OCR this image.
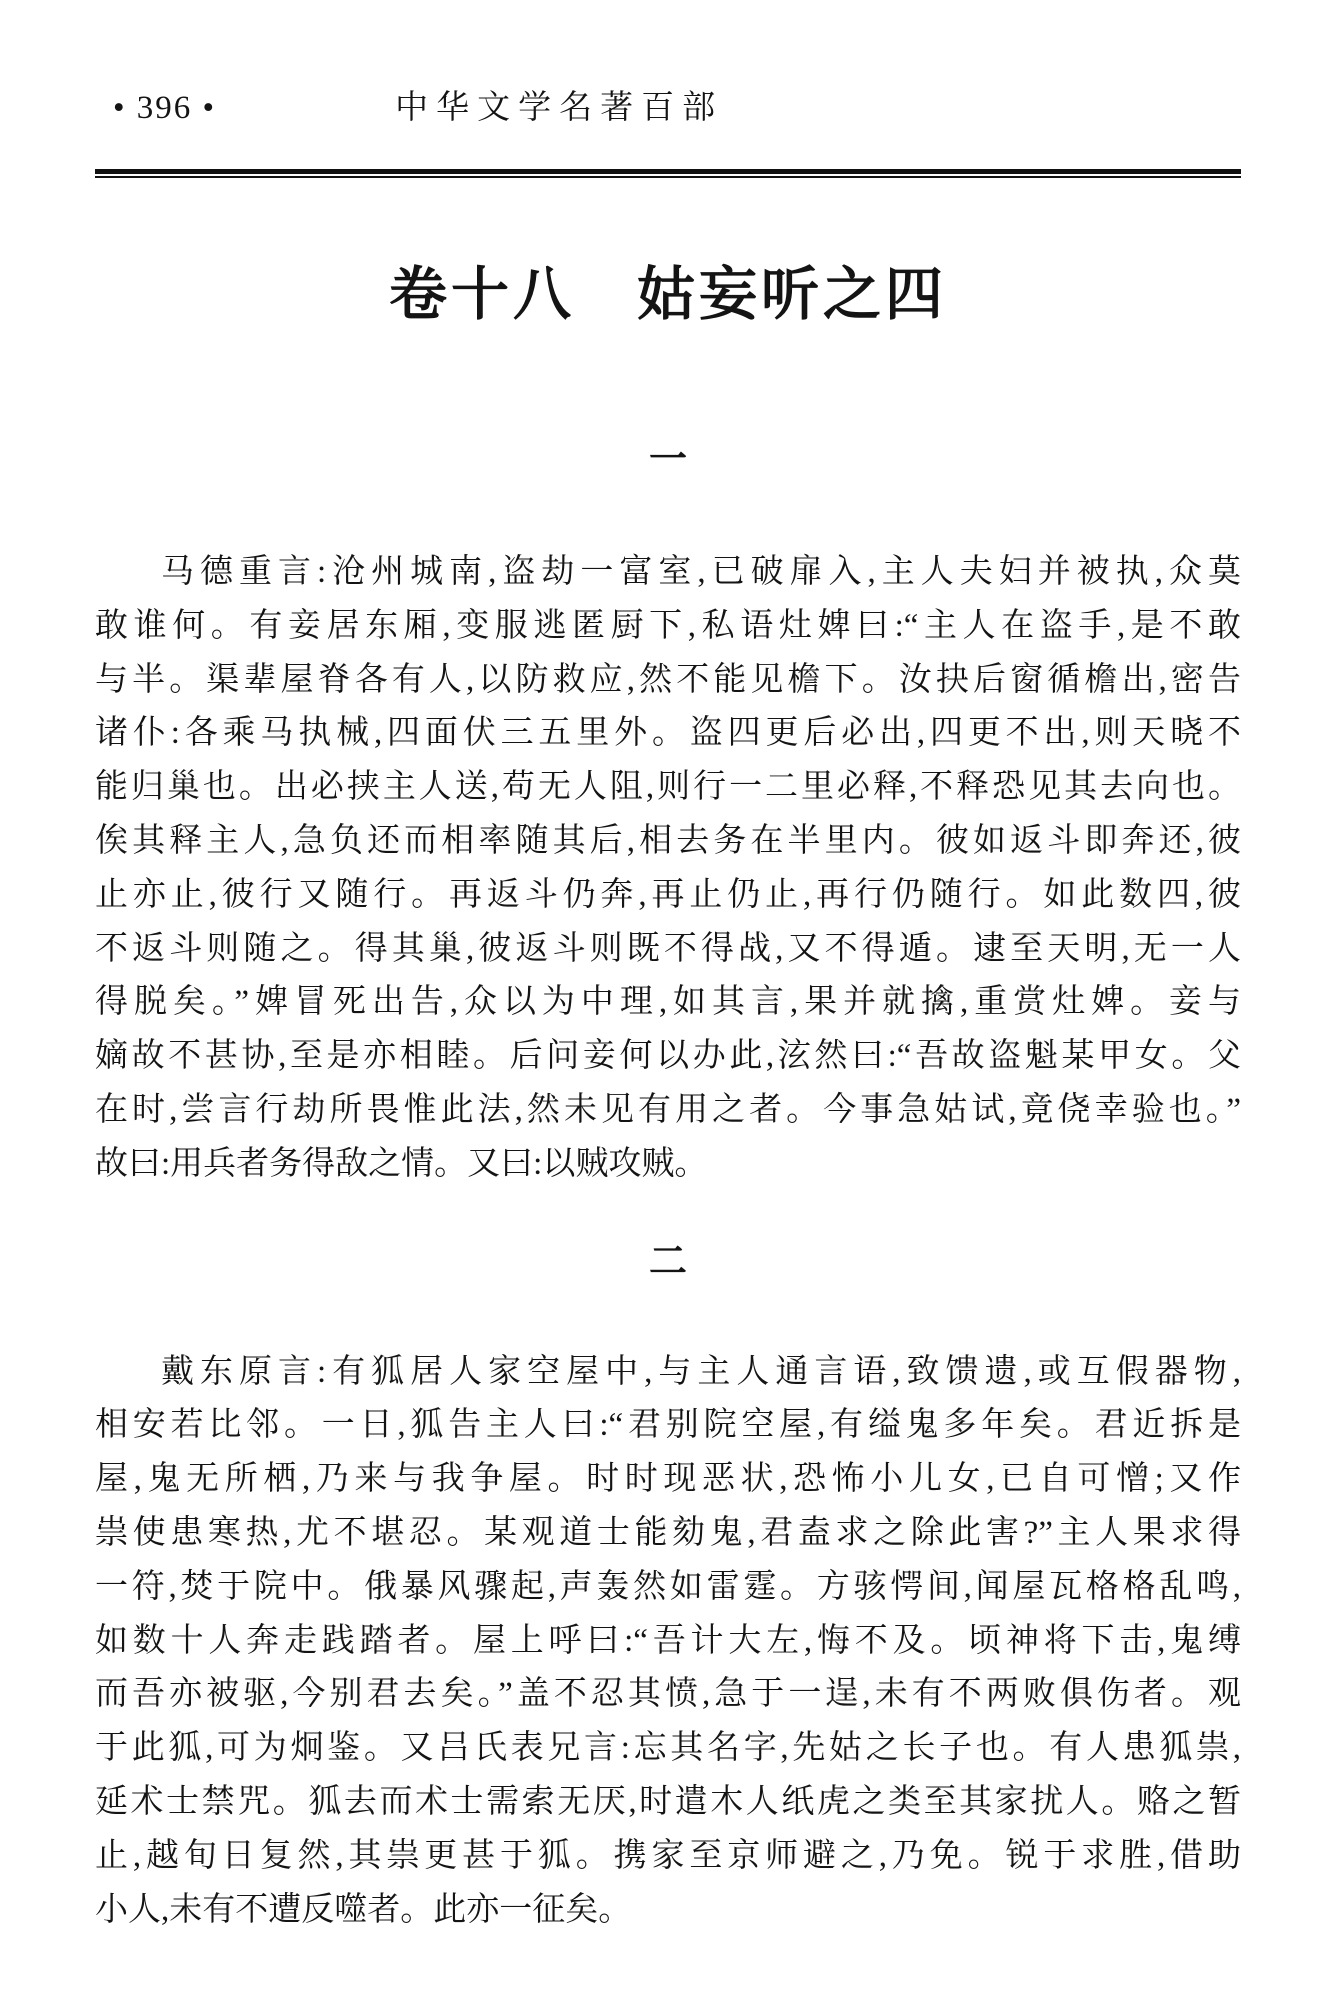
• 396 •	中华文学名著百部
卷十八　姑妄听之四
一
马德重言:沧州城南,盗劫一富室,已破扉入,主人夫妇并被执,众莫
敢谁何。有妾居东厢,变服逃匿厨下,私语灶婢曰:“主人在盗手,是不敢
与半。渠辈屋脊各有人,以防救应,然不能见檐下。汝抉后窗循檐出,密告
诸仆:各乘马执械,四面伏三五里外。盗四更后必出,四更不出,则天晓不
能归巢也。出必挟主人送,苟无人阻,则行一二里必释,不释恐见其去向也。
俟其释主人,急负还而相率随其后,相去务在半里内。彼如返斗即奔还,彼
止亦止,彼行又随行。再返斗仍奔,再止仍止,再行仍随行。如此数四,彼
不返斗则随之。得其巢,彼返斗则既不得战,又不得遁。逮至天明,无一人
得脱矣。”婢冒死出告,众以为中理,如其言,果并就擒,重赏灶婢。妾与
嫡故不甚协,至是亦相睦。后问妾何以办此,泫然曰:“吾故盗魁某甲女。父
在时,尝言行劫所畏惟此法,然未见有用之者。今事急姑试,竟侥幸验也。”
故曰:用兵者务得敌之情。又曰:以贼攻贼。
二
戴东原言:有狐居人家空屋中,与主人通言语,致馈遗,或互假器物,
相安若比邻。一日,狐告主人曰:“君别院空屋,有缢鬼多年矣。君近拆是
屋,鬼无所栖,乃来与我争屋。时时现恶状,恐怖小儿女,已自可憎;又作
祟使患寒热,尤不堪忍。某观道士能劾鬼,君盍求之除此害?”主人果求得
一符,焚于院中。俄暴风骤起,声轰然如雷霆。方骇愕间,闻屋瓦格格乱鸣,
如数十人奔走践踏者。屋上呼曰:“吾计大左,悔不及。顷神将下击,鬼缚
而吾亦被驱,今别君去矣。”盖不忍其愤,急于一逞,未有不两败俱伤者。观
于此狐,可为炯鉴。又吕氏表兄言:忘其名字,先姑之长子也。有人患狐祟,
延术士禁咒。狐去而术士需索无厌,时遣木人纸虎之类至其家扰人。赂之暂
止,越旬日复然,其祟更甚于狐。携家至京师避之,乃免。锐于求胜,借助
小人,未有不遭反噬者。此亦一征矣。
